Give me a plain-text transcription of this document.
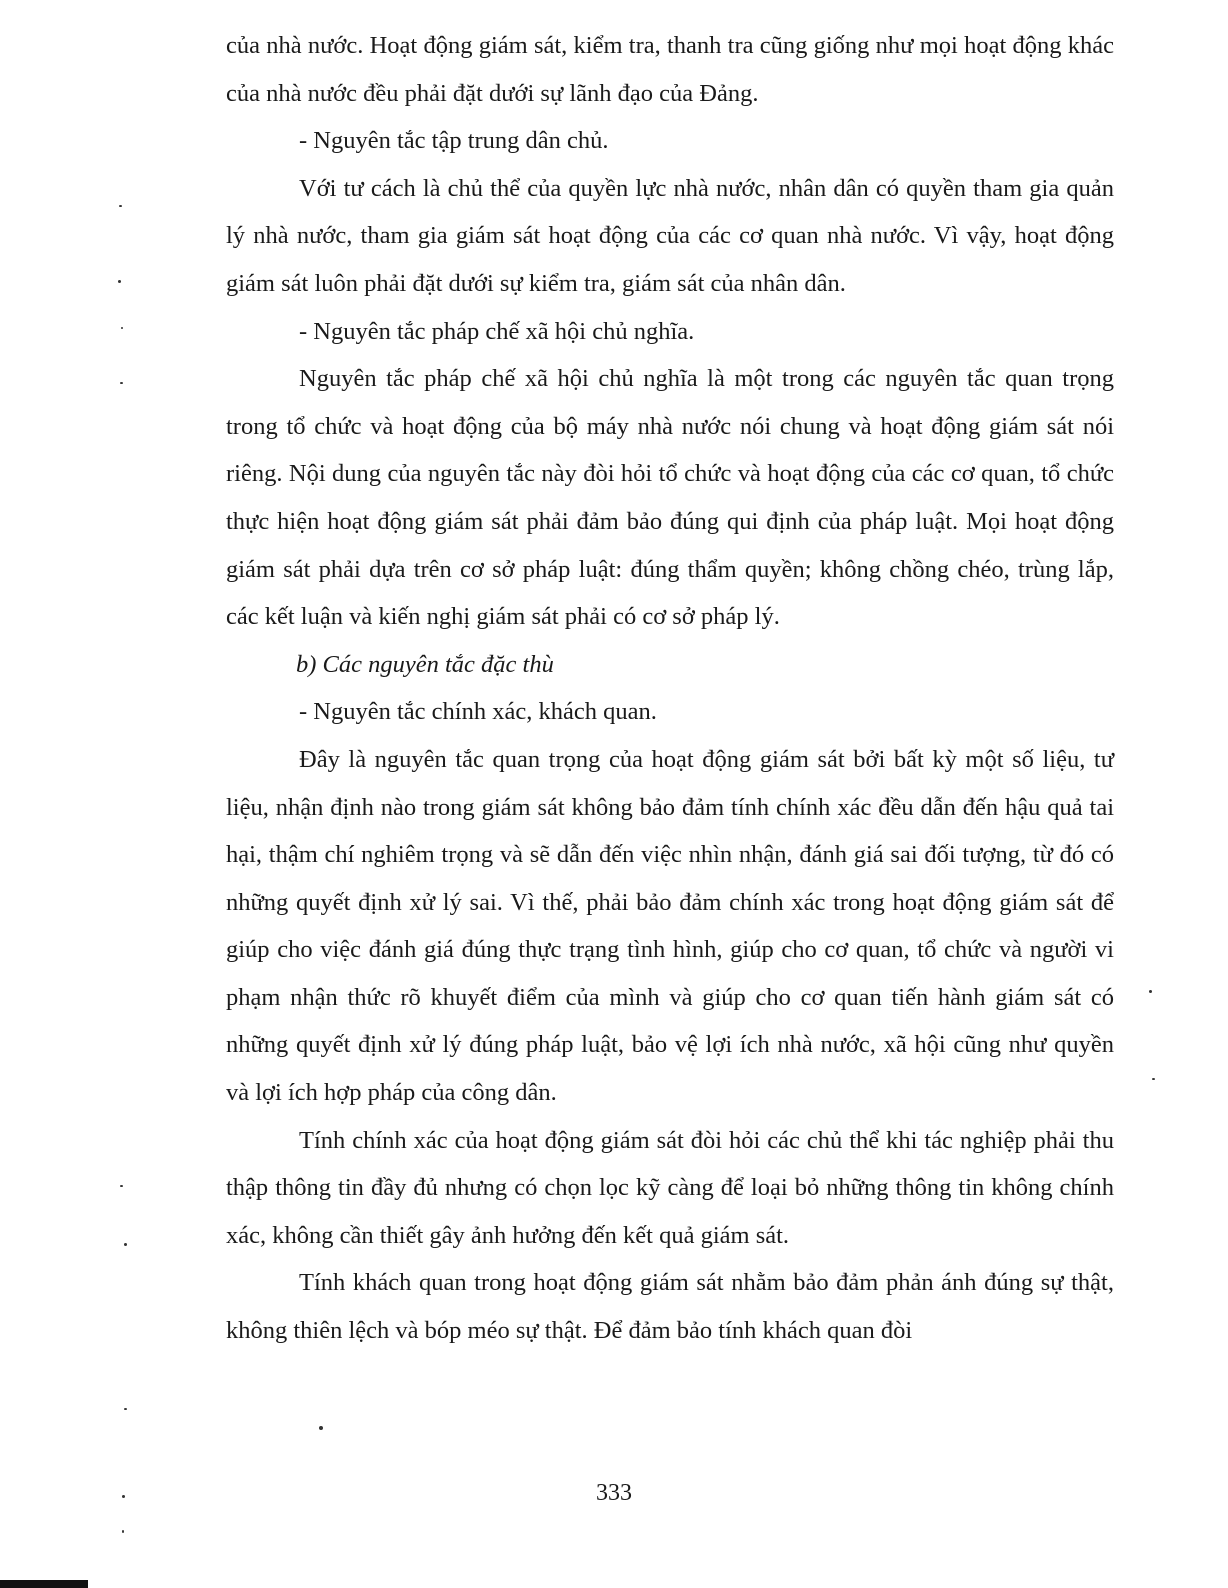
của nhà nước. Hoạt động giám sát, kiểm tra, thanh tra cũng giống như mọi hoạt động khác của nhà nước đều phải đặt dưới sự lãnh đạo của Đảng.

- Nguyên tắc tập trung dân chủ.

Với tư cách là chủ thể của quyền lực nhà nước, nhân dân có quyền tham gia quản lý nhà nước, tham gia giám sát hoạt động của các cơ quan nhà nước. Vì vậy, hoạt động giám sát luôn phải đặt dưới sự kiểm tra, giám sát của nhân dân.

- Nguyên tắc pháp chế xã hội chủ nghĩa.

Nguyên tắc pháp chế xã hội chủ nghĩa là một trong các nguyên tắc quan trọng trong tổ chức và hoạt động của bộ máy nhà nước nói chung và hoạt động giám sát nói riêng. Nội dung của nguyên tắc này đòi hỏi tổ chức và hoạt động của các cơ quan, tổ chức thực hiện hoạt động giám sát phải đảm bảo đúng qui định của pháp luật. Mọi hoạt động giám sát phải dựa trên cơ sở pháp luật: đúng thẩm quyền; không chồng chéo, trùng lắp, các kết luận và kiến nghị giám sát phải có cơ sở pháp lý.

b) Các nguyên tắc đặc thù

- Nguyên tắc chính xác, khách quan.

Đây là nguyên tắc quan trọng của hoạt động giám sát bởi bất kỳ một số liệu, tư liệu, nhận định nào trong giám sát không bảo đảm tính chính xác đều dẫn đến hậu quả tai hại, thậm chí nghiêm trọng và sẽ dẫn đến việc nhìn nhận, đánh giá sai đối tượng, từ đó có những quyết định xử lý sai. Vì thế, phải bảo đảm chính xác trong hoạt động giám sát để giúp cho việc đánh giá đúng thực trạng tình hình, giúp cho cơ quan, tổ chức và người vi phạm nhận thức rõ khuyết điểm của mình và giúp cho cơ quan tiến hành giám sát có những quyết định xử lý đúng pháp luật, bảo vệ lợi ích nhà nước, xã hội cũng như quyền và lợi ích hợp pháp của công dân.

Tính chính xác của hoạt động giám sát đòi hỏi các chủ thể khi tác nghiệp phải thu thập thông tin đầy đủ nhưng có chọn lọc kỹ càng để loại bỏ những thông tin không chính xác, không cần thiết gây ảnh hưởng đến kết quả giám sát.

Tính khách quan trong hoạt động giám sát nhằm bảo đảm phản ánh đúng sự thật, không thiên lệch và bóp méo sự thật. Để đảm bảo tính khách quan đòi

333
